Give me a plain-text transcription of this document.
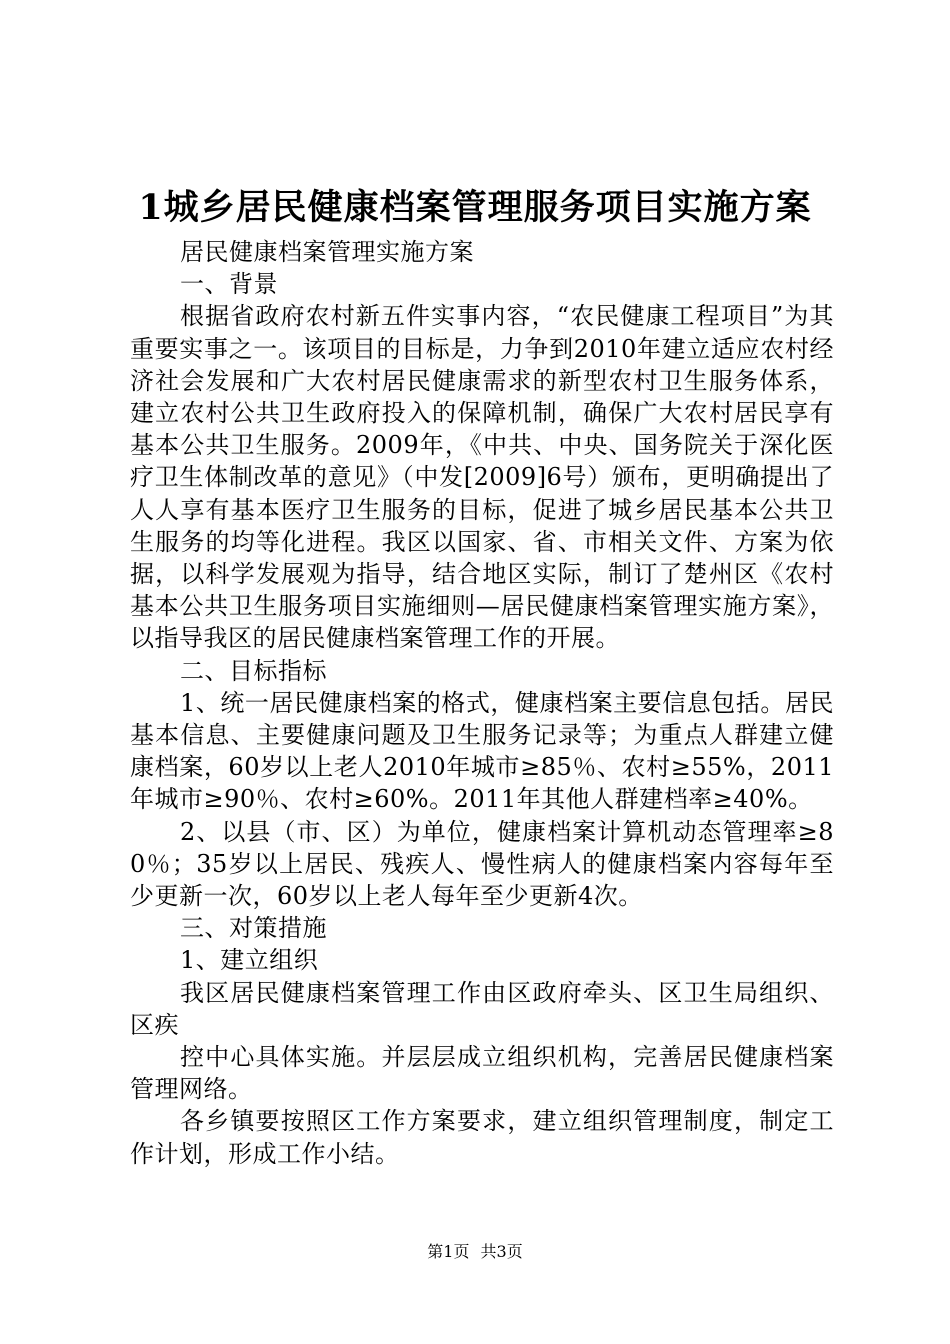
1城乡居民健康档案管理服务项目实施方案

居民健康档案管理实施方案

一、背景

根据省政府农村新五件实事内容，“农民健康工程项目”为其重要实事之一。该项目的目标是，力争到2010年建立适应农村经济社会发展和广大农村居民健康需求的新型农村卫生服务体系，建立农村公共卫生政府投入的保障机制，确保广大农村居民享有基本公共卫生服务。2009年，《中共、中央、国务院关于深化医疗卫生体制改革的意见》（中发[2009]6号）颁布，更明确提出了人人享有基本医疗卫生服务的目标，促进了城乡居民基本公共卫生服务的均等化进程。我区以国家、省、市相关文件、方案为依据，以科学发展观为指导，结合地区实际，制订了楚州区《农村基本公共卫生服务项目实施细则—居民健康档案管理实施方案》，以指导我区的居民健康档案管理工作的开展。

二、目标指标

1、统一居民健康档案的格式，健康档案主要信息包括。居民基本信息、主要健康问题及卫生服务记录等；为重点人群建立健康档案，60岁以上老人2010年城市≥85％、农村≥55%，2011年城市≥90％、农村≥60%。2011年其他人群建档率≥40%。

2、以县（市、区）为单位，健康档案计算机动态管理率≥80％；35岁以上居民、残疾人、慢性病人的健康档案内容每年至少更新一次，60岁以上老人每年至少更新4次。

三、对策措施

1、建立组织

我区居民健康档案管理工作由区政府牵头、区卫生局组织、区疾

控中心具体实施。并层层成立组织机构，完善居民健康档案管理网络。

各乡镇要按照区工作方案要求，建立组织管理制度，制定工作计划，形成工作小结。

第1页 共3页
